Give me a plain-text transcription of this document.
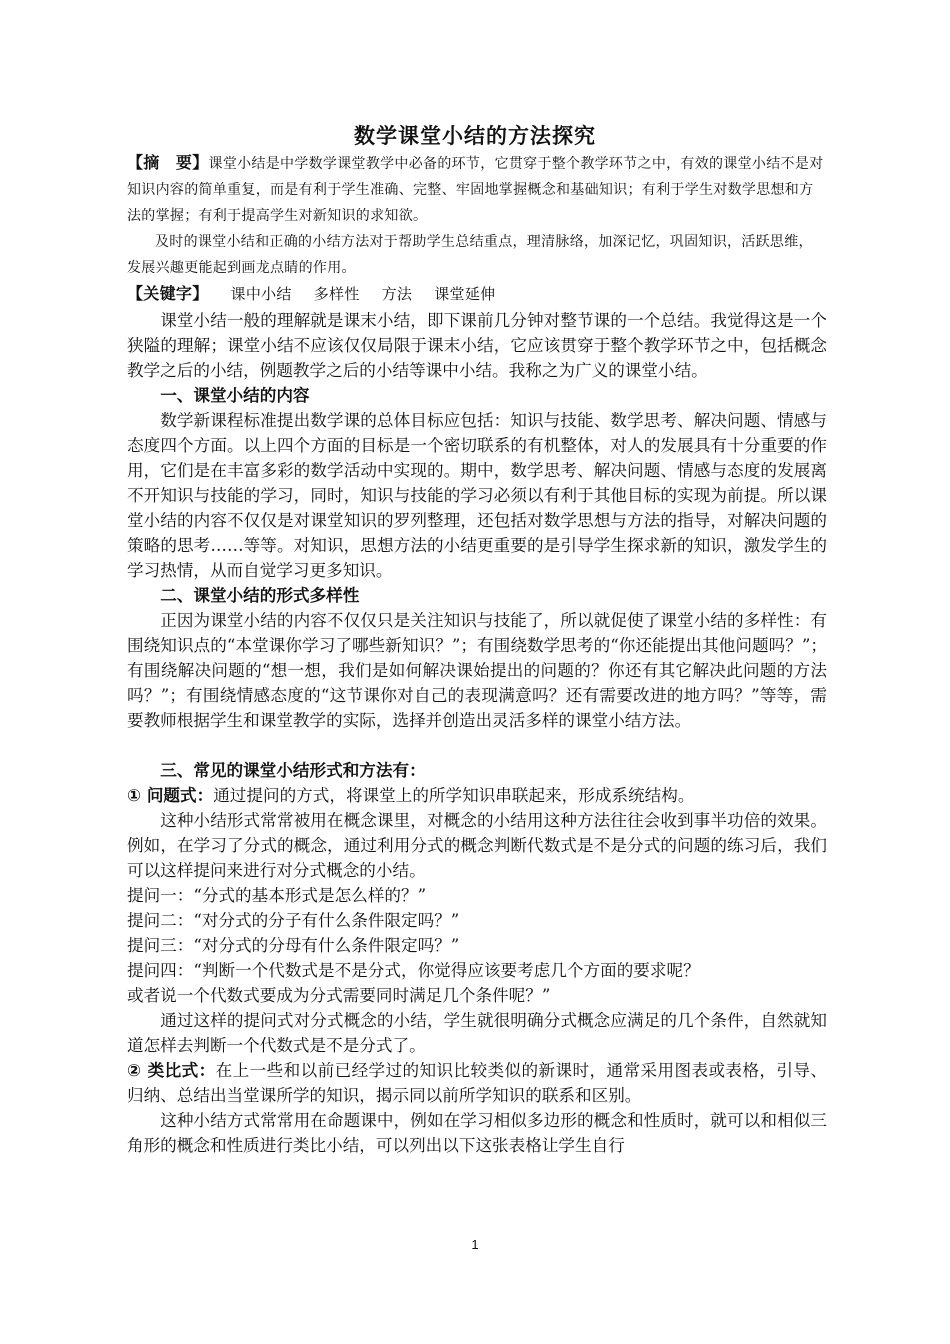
数学课堂小结的方法探究

【摘　要】课堂小结是中学数学课堂教学中必备的环节，它贯穿于整个教学环节之中，有效的课堂小结不是对知识内容的简单重复，而是有利于学生准确、完整、牢固地掌握概念和基础知识；有利于学生对数学思想和方法的掌握；有利于提高学生对新知识的求知欲。

及时的课堂小结和正确的小结方法对于帮助学生总结重点，理清脉络，加深记忆，巩固知识，活跃思维，发展兴趣更能起到画龙点睛的作用。

【关键字】 课中小结 多样性 方法 课堂延伸

课堂小结一般的理解就是课末小结，即下课前几分钟对整节课的一个总结。我觉得这是一个狭隘的理解；课堂小结不应该仅仅局限于课末小结，它应该贯穿于整个教学环节之中，包括概念教学之后的小结，例题教学之后的小结等课中小结。我称之为广义的课堂小结。

一、课堂小结的内容

数学新课程标准提出数学课的总体目标应包括：知识与技能、数学思考、解决问题、情感与态度四个方面。以上四个方面的目标是一个密切联系的有机整体，对人的发展具有十分重要的作用，它们是在丰富多彩的数学活动中实现的。期中，数学思考、解决问题、情感与态度的发展离不开知识与技能的学习，同时，知识与技能的学习必须以有利于其他目标的实现为前提。所以课堂小结的内容不仅仅是对课堂知识的罗列整理，还包括对数学思想与方法的指导，对解决问题的策略的思考……等等。对知识，思想方法的小结更重要的是引导学生探求新的知识，激发学生的学习热情，从而自觉学习更多知识。

二、课堂小结的形式多样性

正因为课堂小结的内容不仅仅只是关注知识与技能了，所以就促使了课堂小结的多样性：有围绕知识点的“本堂课你学习了哪些新知识？”；有围绕数学思考的“你还能提出其他问题吗？”；有围绕解决问题的“想一想，我们是如何解决课始提出的问题的？你还有其它解决此问题的方法吗？”；有围绕情感态度的“这节课你对自己的表现满意吗？还有需要改进的地方吗？”等等，需要教师根据学生和课堂教学的实际，选择并创造出灵活多样的课堂小结方法。

三、常见的课堂小结形式和方法有：

① 问题式：通过提问的方式，将课堂上的所学知识串联起来，形成系统结构。

这种小结形式常常被用在概念课里，对概念的小结用这种方法往往会收到事半功倍的效果。例如，在学习了分式的概念，通过利用分式的概念判断代数式是不是分式的问题的练习后，我们可以这样提问来进行对分式概念的小结。

提问一：“分式的基本形式是怎么样的？”

提问二：“对分式的分子有什么条件限定吗？”

提问三：“对分式的分母有什么条件限定吗？”

提问四：“判断一个代数式是不是分式，你觉得应该要考虑几个方面的要求呢？

或者说一个代数式要成为分式需要同时满足几个条件呢？”

通过这样的提问式对分式概念的小结，学生就很明确分式概念应满足的几个条件，自然就知道怎样去判断一个代数式是不是分式了。

② 类比式：在上一些和以前已经学过的知识比较类似的新课时，通常采用图表或表格，引导、归纳、总结出当堂课所学的知识，揭示同以前所学知识的联系和区别。

这种小结方式常常用在命题课中，例如在学习相似多边形的概念和性质时，就可以和相似三角形的概念和性质进行类比小结，可以列出以下这张表格让学生自行

1
